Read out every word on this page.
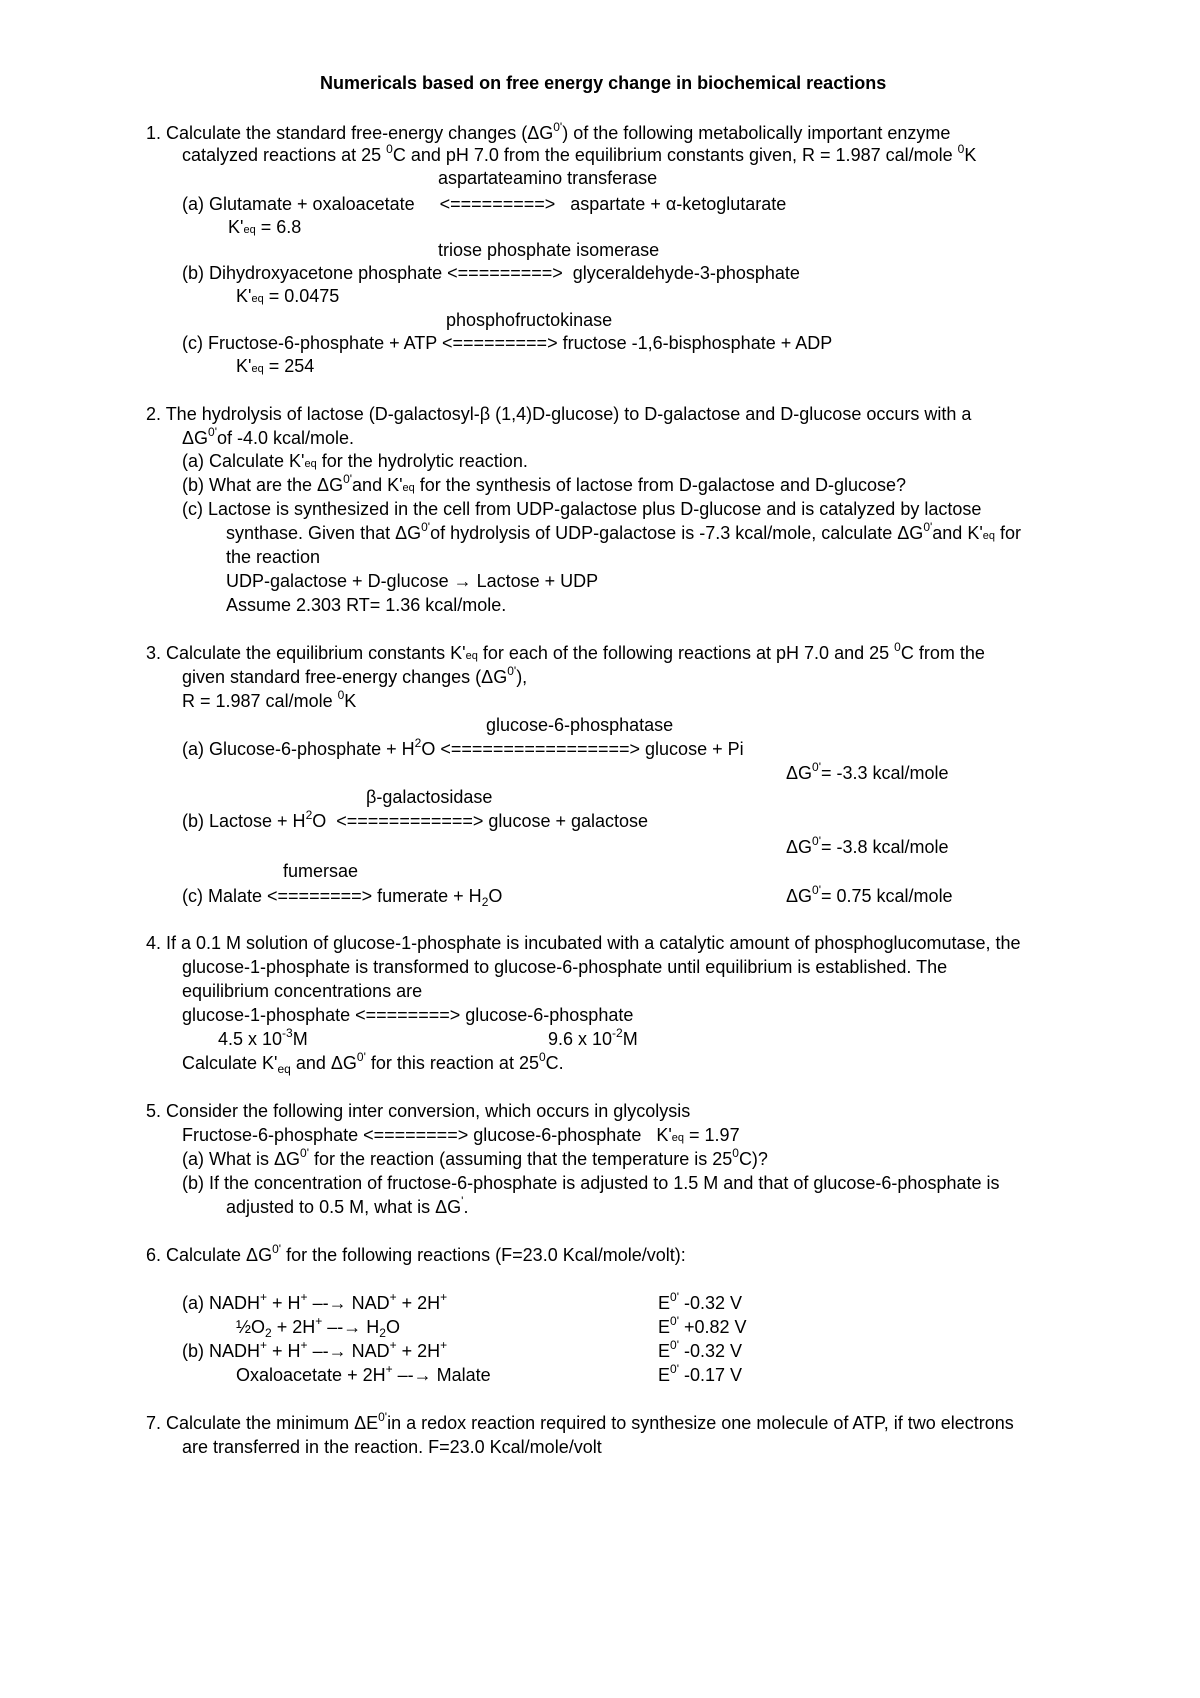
Numericals based on free energy change in biochemical reactions
1. Calculate the standard free-energy changes $(\Delta G^{0'})$ of the following metabolically important enzyme
catalyzed reactions at 25 $^0$C and pH 7.0 from the equilibrium constants given, R = 1.987 cal/mole $^0$K
aspartateamino transferase
(a) Glutamate + oxaloacetate     <=========>   aspartate + α-ketoglutarate
K'eq = 6.8
triose phosphate isomerase
(b) Dihydroxyacetone phosphate <=========>  glyceraldehyde-3-phosphate
K'eq = 0.0475
phosphofructokinase
(c) Fructose-6-phosphate + ATP <=========> fructose -1,6-bisphosphate + ADP
K'eq = 254
2. The hydrolysis of lactose (D-galactosyl-β (1,4)D-glucose) to D-galactose and D-glucose occurs with a
$\Delta G^{0'}of$ -4.0 kcal/mole.
(a) Calculate K'eq for the hydrolytic reaction.
(b) What are the $\Delta G^{0'}and$ K'eq for the synthesis of lactose from D-galactose and D-glucose?
(c) Lactose is synthesized in the cell from UDP-galactose plus D-glucose and is catalyzed by lactose
synthase. Given that $\Delta G^{0'}of$ hydrolysis of UDP-galactose is -7.3 kcal/mole, calculate $\Delta G^{0'}and$ K'eq for
the reaction
UDP-galactose + D-glucose → Lactose + UDP
Assume 2.303 RT= 1.36 kcal/mole.
3. Calculate the equilibrium constants K'eq for each of the following reactions at pH 7.0 and 25 $^0$C from the
given standard free-energy changes $(\Delta G^{0'})$,
R = 1.987 cal/mole $^0$K
glucose-6-phosphatase
(a) Glucose-6-phosphate + $H^2O$ <=================> glucose + Pi
$\Delta G^{0'}= -3.3$ kcal/mole
β-galactosidase
(b) Lactose + $H^2O$  <============> glucose + galactose
$\Delta G^{0'}= -3.8$ kcal/mole
fumersae
(c) Malate <========> fumerate + $H_2O$	$\Delta G^{0'}= 0.75$ kcal/mole
4. If a 0.1 M solution of glucose-1-phosphate is incubated with a catalytic amount of phosphoglucomutase, the
glucose-1-phosphate is transformed to glucose-6-phosphate until equilibrium is established. The
equilibrium concentrations are
glucose-1-phosphate <========> glucose-6-phosphate
4.5 x $10^{-3}M$	9.6 x $10^{-2}M$
Calculate $K'_{eq}$ and $\Delta G^{0'}$ for this reaction at $25^0C$.
5. Consider the following inter conversion, which occurs in glycolysis
Fructose-6-phosphate <========> glucose-6-phosphate   K'eq = 1.97
(a) What is $\Delta G^{0'}$ for the reaction (assuming that the temperature is $25^0C$)?
(b) If the concentration of fructose-6-phosphate is adjusted to 1.5 M and that of glucose-6-phosphate is
adjusted to 0.5 M, what is ΔG'.
6. Calculate $\Delta G^{0'}$ for the following reactions (F=23.0 Kcal/mole/volt):
(a) NADH+ + H+ –-→ NAD+ + 2H+	$E^{0'}$ -0.32 V
$\frac{1}{2}O_2 + 2H^+$ –-→ $H_2O$	$E^{0'} +0.82$ V
(b) NADH+ + H+ –-→ NAD+ + 2H+	$E^{0'}$ -0.32 V
Oxaloacetate + 2H+ –-→ Malate	$E^{0'}$ -0.17 V
7. Calculate the minimum $\Delta E^{0'}in$ a redox reaction required to synthesize one molecule of ATP, if two electrons
are transferred in the reaction. F=23.0 Kcal/mole/volt
